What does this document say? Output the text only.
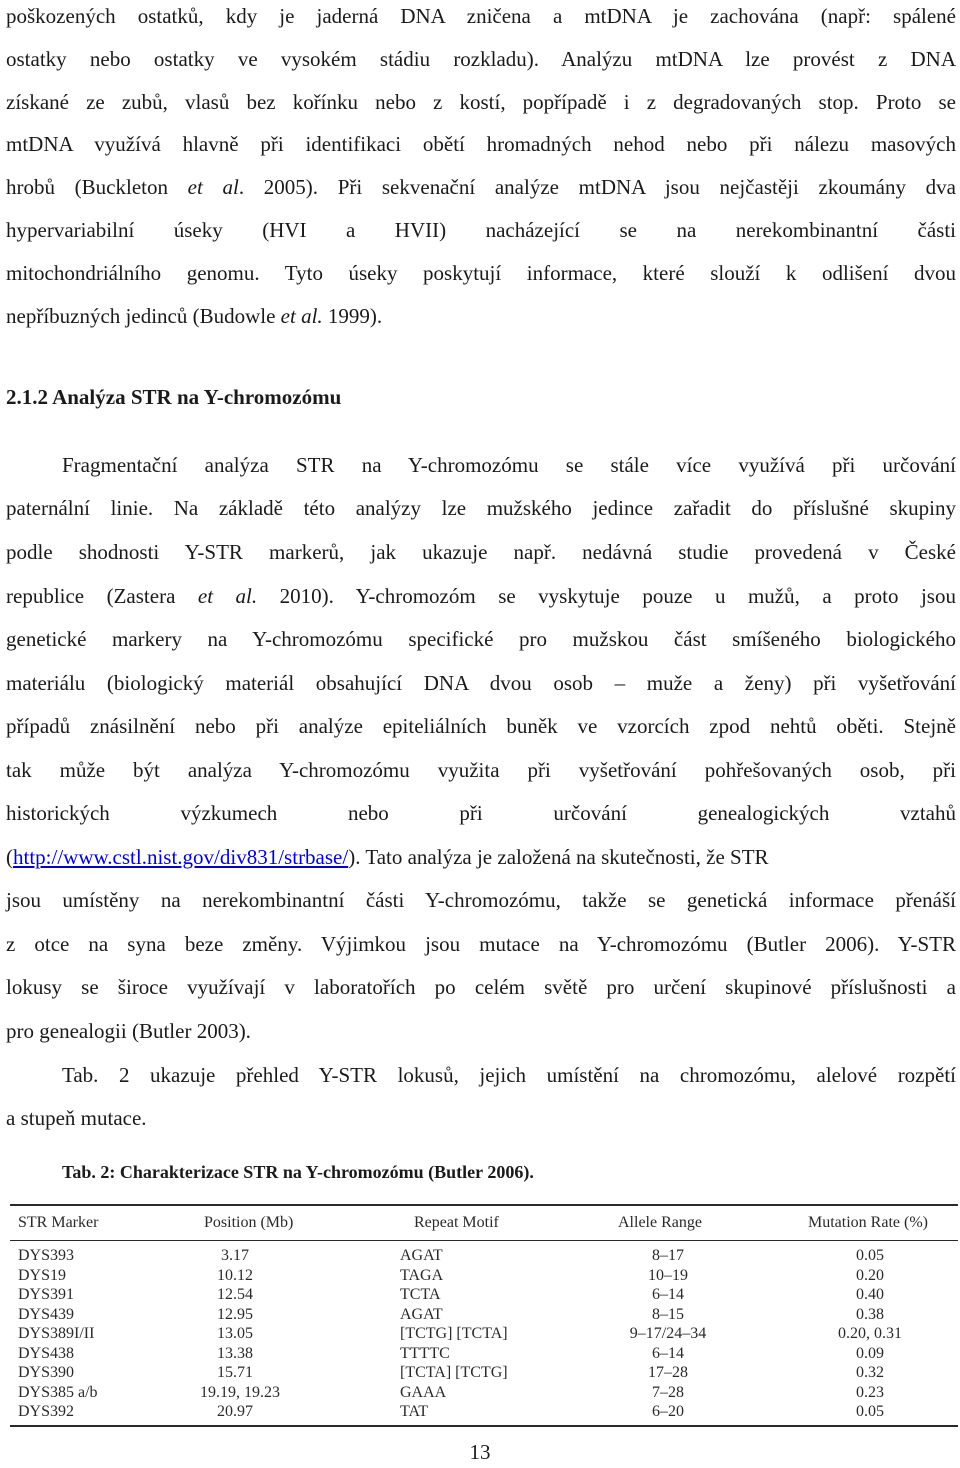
poškozených ostatků, kdy je jaderná DNA zničena a mtDNA je zachována (např: spálené
ostatky nebo ostatky ve vysokém stádiu rozkladu). Analýzu mtDNA lze provést z DNA
získané ze zubů, vlasů bez kořínku nebo z kostí, popřípadě i z degradovaných stop. Proto se
mtDNA využívá hlavně při identifikaci obětí hromadných nehod nebo při nálezu masových
hrobů (Buckleton et al. 2005). Při sekvenační analýze mtDNA jsou nejčastěji zkoumány dva
hypervariabilní úseky (HVI a HVII) nacházející se na nerekombinantní části
mitochondriálního genomu. Tyto úseky poskytují informace, které slouží k odlišení dvou
nepříbuzných jedinců (Budowle et al. 1999).
2.1.2 Analýza STR na Y-chromozómu
Fragmentační analýza STR na Y-chromozómu se stále více využívá při určování
paternální linie. Na základě této analýzy lze mužského jedince zařadit do příslušné skupiny
podle shodnosti Y-STR markerů, jak ukazuje např. nedávná studie provedená v České
republice (Zastera et al. 2010). Y-chromozóm se vyskytuje pouze u mužů, a proto jsou
genetické markery na Y-chromozómu specifické pro mužskou část smíšeného biologického
materiálu (biologický materiál obsahující DNA dvou osob – muže a ženy) při vyšetřování
případů znásilnění nebo při analýze epiteliálních buněk ve vzorcích zpod nehtů oběti. Stejně
tak může být analýza Y-chromozómu využita při vyšetřování pohřešovaných osob, při
historických výzkumech nebo při určování genealogických vztahů
(http://www.cstl.nist.gov/div831/strbase/). Tato analýza je založená na skutečnosti, že STR
jsou umístěny na nerekombinantní části Y-chromozómu, takže se genetická informace přenáší
z otce na syna beze změny. Výjimkou jsou mutace na Y-chromozómu (Butler 2006). Y-STR
lokusy se široce využívají v laboratořích po celém světě pro určení skupinové příslušnosti a
pro genealogii (Butler 2003).
Tab. 2 ukazuje přehled Y-STR lokusů, jejich umístění na chromozómu, alelové rozpětí
a stupeň mutace.
Tab. 2: Charakterizace STR na Y-chromozómu (Butler 2006).
STR Marker	Position (Mb)	Repeat Motif	Allele Range	Mutation Rate (%)
DYS393	3.17	AGAT	8–17	0.05
DYS19	10.12	TAGA	10–19	0.20
DYS391	12.54	TCTA	6–14	0.40
DYS439	12.95	AGAT	8–15	0.38
DYS389I/II	13.05	[TCTG] [TCTA]	9–17/24–34	0.20, 0.31
DYS438	13.38	TTTTC	6–14	0.09
DYS390	15.71	[TCTA] [TCTG]	17–28	0.32
DYS385 a/b	19.19, 19.23	GAAA	7–28	0.23
DYS392	20.97	TAT	6–20	0.05
13
